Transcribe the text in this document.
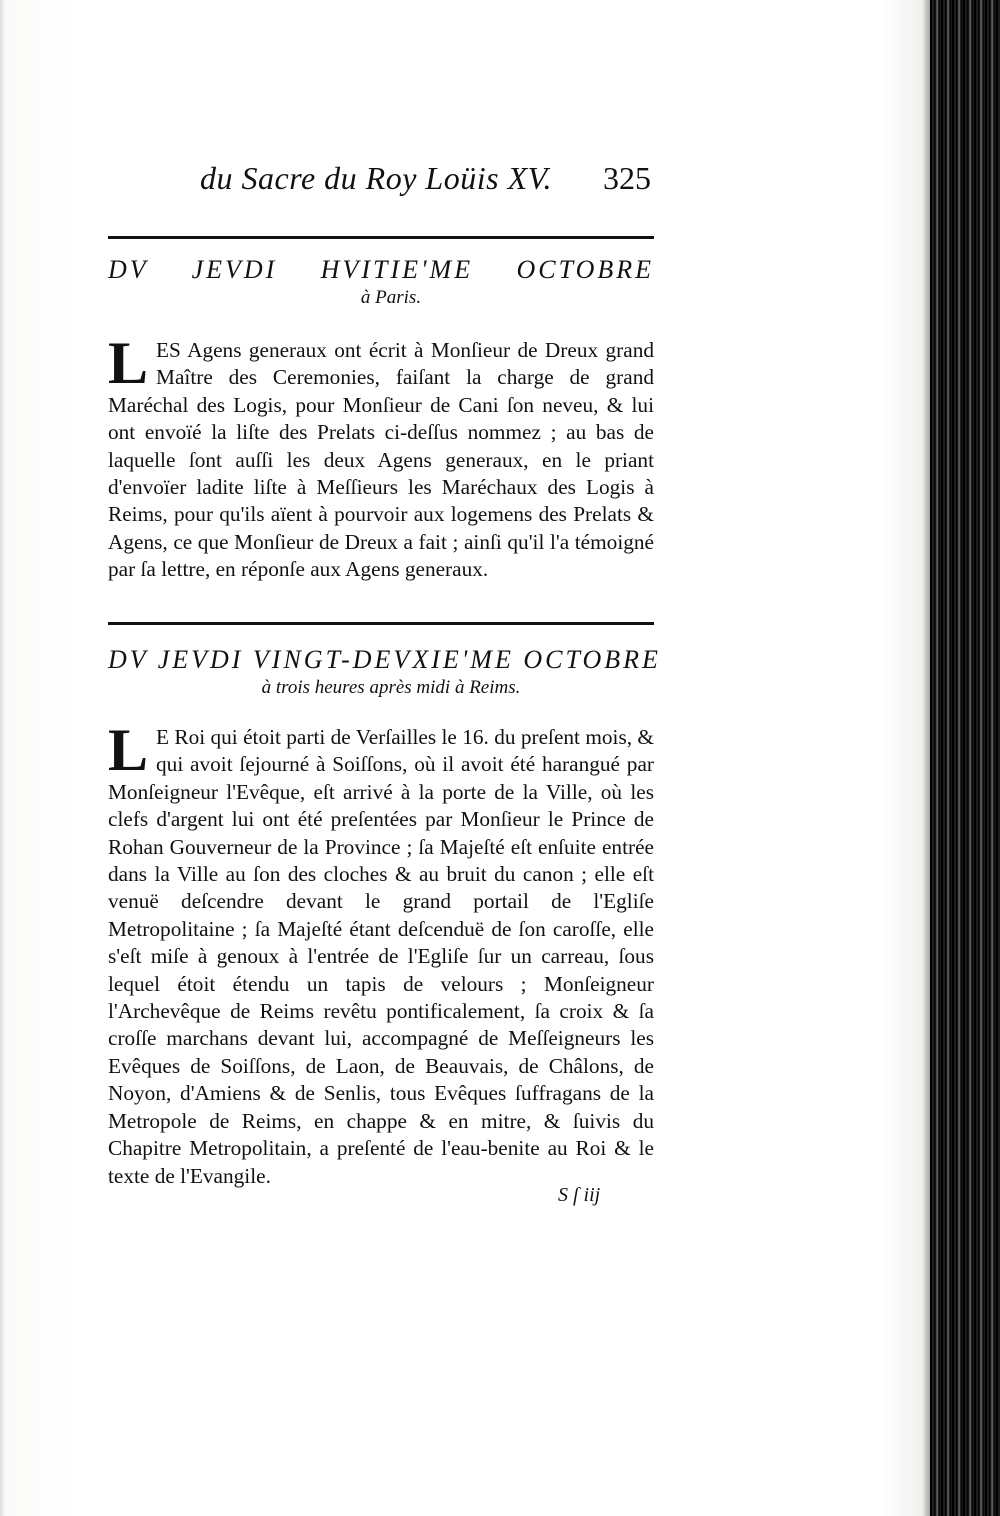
du Sacre du Roy Loüis XV. 325
DV JEVDI HVITIE'ME OCTOBRE
à Paris.
LES Agens generaux ont écrit à Monſieur de Dreux grand Maître des Ceremonies, faiſant la charge de grand Maréchal des Logis, pour Monſieur de Cani ſon neveu, & lui ont envoïé la liſte des Prelats ci-deſſus nommez ; au bas de laquelle ſont auſſi les deux Agens generaux, en le priant d'envoïer ladite liſte à Meſſieurs les Maréchaux des Logis à Reims, pour qu'ils aïent à pourvoir aux logemens des Prelats & Agens, ce que Monſieur de Dreux a fait ; ainſi qu'il l'a témoigné par ſa lettre, en réponſe aux Agens generaux.
DV JEVDI VINGT-DEVXIE'ME OCTOBRE
à trois heures après midi à Reims.
L E Roi qui étoit parti de Verſailles le 16. du preſent mois, & qui avoit ſejourné à Soiſſons, où il avoit été harangué par Monſeigneur l'Evêque, eſt arrivé à la porte de la Ville, où les clefs d'argent lui ont été preſentées par Monſieur le Prince de Rohan Gouverneur de la Province ; ſa Majeſté eſt enſuite entrée dans la Ville au ſon des cloches & au bruit du canon ; elle eſt venuë deſcendre devant le grand portail de l'Egliſe Metropolitaine ; ſa Majeſté étant deſcenduë de ſon caroſſe, elle s'eſt miſe à genoux à l'entrée de l'Egliſe ſur un carreau, ſous lequel étoit étendu un tapis de velours ; Monſeigneur l'Archevêque de Reims revêtu pontificalement, ſa croix & ſa croſſe marchans devant lui, accompagné de Meſſeigneurs les Evêques de Soiſſons, de Laon, de Beauvais, de Châlons, de Noyon, d'Amiens & de Senlis, tous Evêques ſuffragans de la Metropole de Reims, en chappe & en mitre, & ſuivis du Chapitre Metropolitain, a preſenté de l'eau-benite au Roi & le texte de l'Evangile.
S ſ iij
